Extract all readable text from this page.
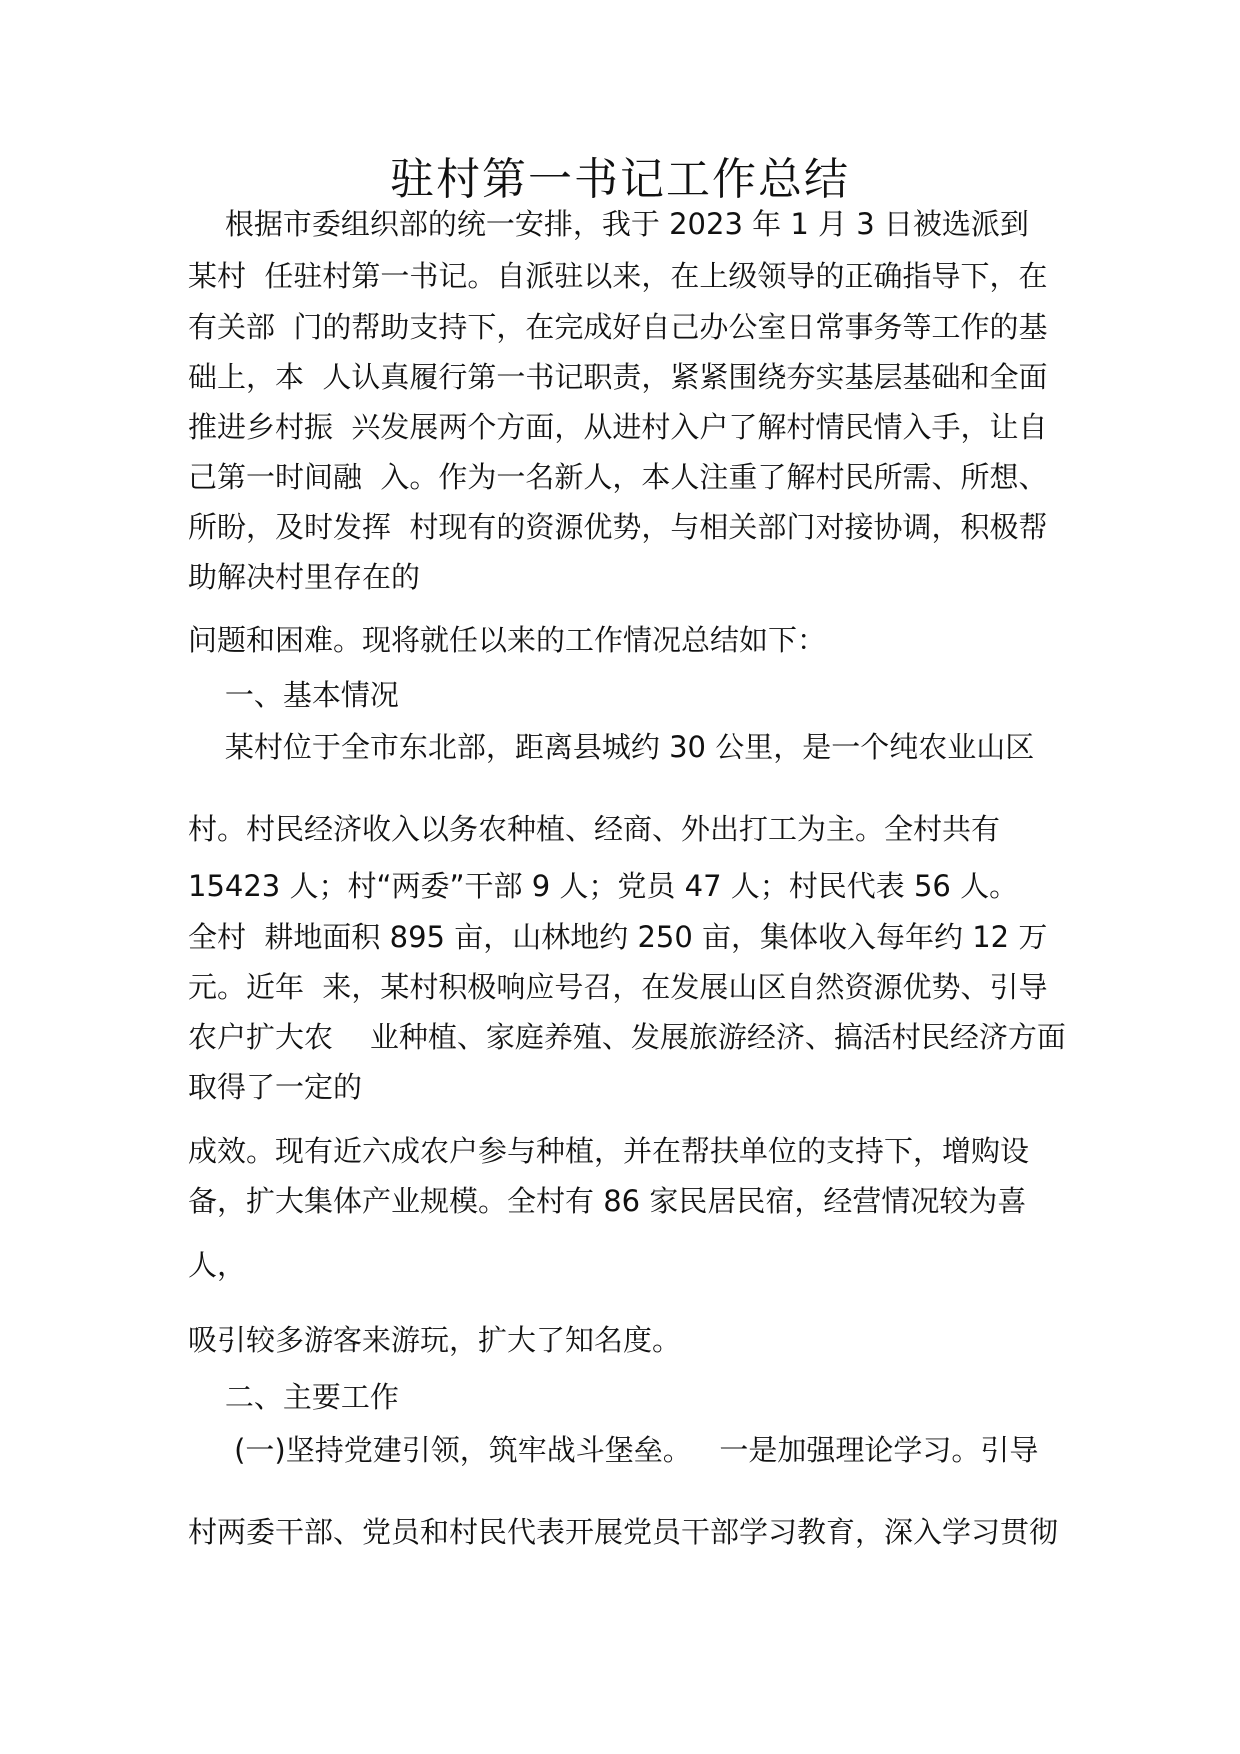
驻村第一书记工作总结
根据市委组织部的统一安排，我于 2023 年 1 月 3 日被选派到
某村  任驻村第一书记。自派驻以来，在上级领导的正确指导下，在
有关部  门的帮助支持下，在完成好自己办公室日常事务等工作的基
础上，本  人认真履行第一书记职责，紧紧围绕夯实基层基础和全面
推进乡村振  兴发展两个方面，从进村入户了解村情民情入手，让自
己第一时间融  入。作为一名新人，本人注重了解村民所需、所想、
所盼，及时发挥  村现有的资源优势，与相关部门对接协调，积极帮
助解决村里存在的
问题和困难。现将就任以来的工作情况总结如下：
一、基本情况
某村位于全市东北部，距离县城约 30 公里，是一个纯农业山区
村。村民经济收入以务农种植、经商、外出打工为主。全村共有
15423 人；村“两委”干部 9 人；党员 47 人；村民代表 56 人。
全村  耕地面积 895 亩，山林地约 250 亩，集体收入每年约 12 万
元。近年  来，某村积极响应号召，在发展山区自然资源优势、引导
农户扩大农    业种植、家庭养殖、发展旅游经济、搞活村民经济方面
取得了一定的
成效。现有近六成农户参与种植，并在帮扶单位的支持下，增购设
备，扩大集体产业规模。全村有 86 家民居民宿，经营情况较为喜
人，
吸引较多游客来游玩，扩大了知名度。
二、主要工作
(一)坚持党建引领，筑牢战斗堡垒。   一是加强理论学习。引导
村两委干部、党员和村民代表开展党员干部学习教育，深入学习贯彻
